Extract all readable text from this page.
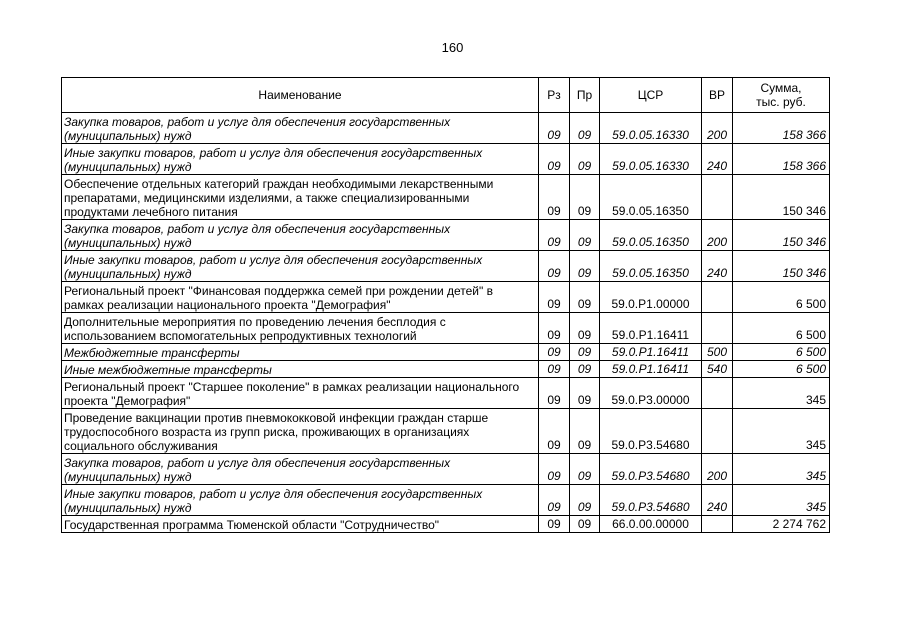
160
Наименование	Рз	Пр	ЦСР	ВР	Сумма,
тыс. руб.

Закупка товаров, работ и услуг для обеспечения государственных (муниципальных) нужд	09	09	59.0.05.16330	200	158 366
Иные закупки товаров, работ и услуг для обеспечения государственных (муниципальных) нужд	09	09	59.0.05.16330	240	158 366
Обеспечение отдельных категорий граждан необходимыми лекарственными препаратами, медицинскими изделиями, а также специализированными продуктами лечебного питания	09	09	59.0.05.16350		150 346
Закупка товаров, работ и услуг для обеспечения государственных (муниципальных) нужд	09	09	59.0.05.16350	200	150 346
Иные закупки товаров, работ и услуг для обеспечения государственных (муниципальных) нужд	09	09	59.0.05.16350	240	150 346
Региональный проект "Финансовая поддержка семей при рождении детей" в рамках реализации национального проекта "Демография"	09	09	59.0.Р1.00000		6 500
Дополнительные мероприятия по проведению лечения бесплодия с использованием вспомогательных репродуктивных технологий	09	09	59.0.Р1.16411		6 500
Межбюджетные трансферты	09	09	59.0.Р1.16411	500	6 500
Иные межбюджетные трансферты	09	09	59.0.Р1.16411	540	6 500
Региональный проект "Старшее поколение" в рамках реализации национального проекта "Демография"	09	09	59.0.Р3.00000		345
Проведение вакцинации против пневмококковой инфекции граждан старше трудоспособного возраста из групп риска, проживающих в организациях социального обслуживания	09	09	59.0.Р3.54680		345
Закупка товаров, работ и услуг для обеспечения государственных (муниципальных) нужд	09	09	59.0.Р3.54680	200	345
Иные закупки товаров, работ и услуг для обеспечения государственных (муниципальных) нужд	09	09	59.0.Р3.54680	240	345
Государственная программа Тюменской области "Сотрудничество"	09	09	66.0.00.00000		2 274 762
